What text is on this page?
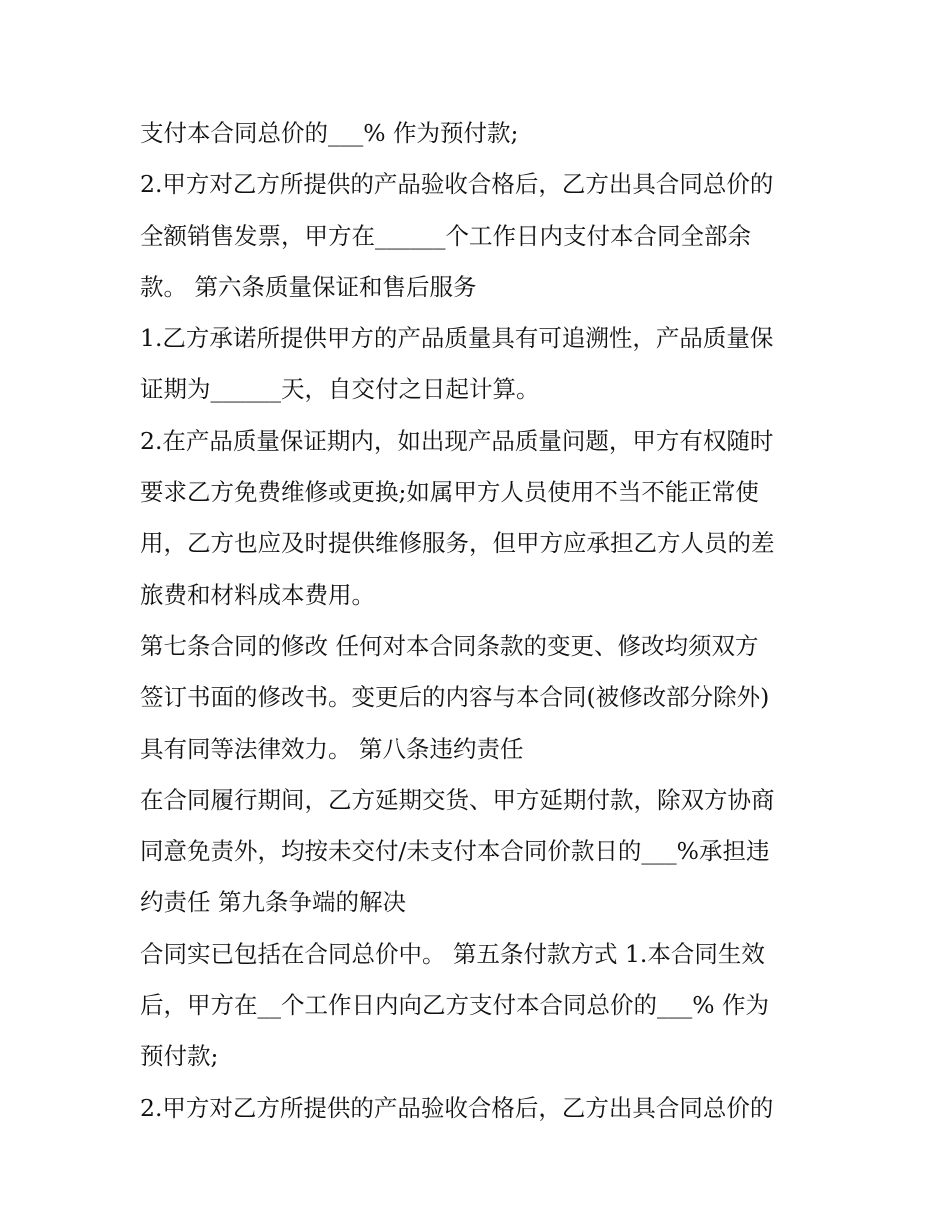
支付本合同总价的___% 作为预付款;
2.甲方对乙方所提供的产品验收合格后，乙方出具合同总价的
全额销售发票，甲方在______个工作日内支付本合同全部余
款。 第六条质量保证和售后服务
1.乙方承诺所提供甲方的产品质量具有可追溯性，产品质量保
证期为______天，自交付之日起计算。
2.在产品质量保证期内，如出现产品质量问题，甲方有权随时
要求乙方免费维修或更换;如属甲方人员使用不当不能正常使
用，乙方也应及时提供维修服务，但甲方应承担乙方人员的差
旅费和材料成本费用。
第七条合同的修改 任何对本合同条款的变更、修改均须双方
签订书面的修改书。变更后的内容与本合同(被修改部分除外)
具有同等法律效力。 第八条违约责任
在合同履行期间，乙方延期交货、甲方延期付款，除双方协商
同意免责外，均按未交付/未支付本合同价款日的___%承担违
约责任 第九条争端的解决
合同实已包括在合同总价中。 第五条付款方式 1.本合同生效
后，甲方在__个工作日内向乙方支付本合同总价的___% 作为
预付款;
2.甲方对乙方所提供的产品验收合格后，乙方出具合同总价的
